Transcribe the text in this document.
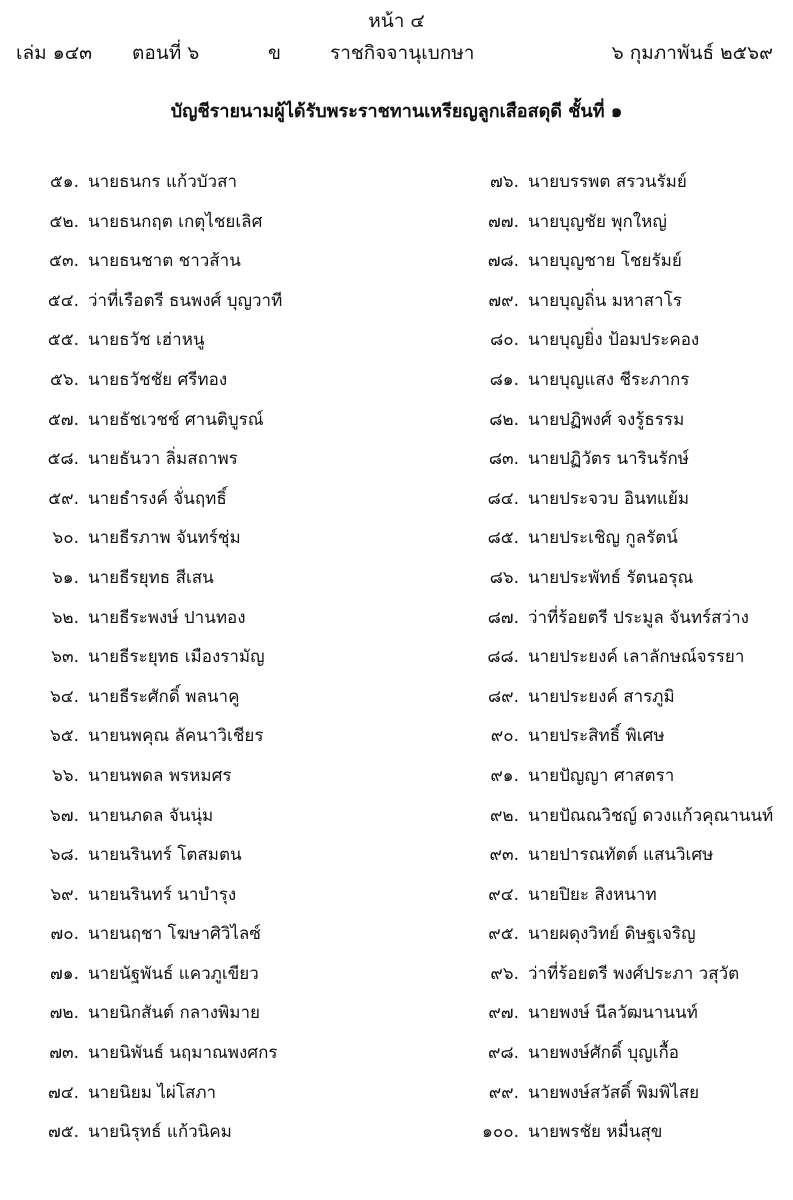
หน้า ๔
เล่ม ๑๔๓ ตอนที่ ๖	ข	ราชกิจจานุเบกษา	๖ กุมภาพันธ์ ๒๕๖๙
บัญชีรายนามผู้ได้รับพระราชทานเหรียญลูกเสือสดุดี ชั้นที่ ๑
๕๑. นายธนกร แก้วบัวสา
๕๒. นายธนกฤต เกตุไชยเลิศ
๕๓. นายธนชาต ชาวส้าน
๕๔. ว่าที่เรือตรี ธนพงศ์ บุญวาที
๕๕. นายธวัช เฮ่าหนู
๕๖. นายธวัชชัย ศรีทอง
๕๗. นายธัชเวชช์ ศานติบูรณ์
๕๘. นายธันวา ลิ่มสถาพร
๕๙. นายธำรงค์ จั่นฤทธิ์
๖๐. นายธีรภาพ จันทร์ชุ่ม
๖๑. นายธีรยุทธ สีเสน
๖๒. นายธีระพงษ์ ปานทอง
๖๓. นายธีระยุทธ เมืองรามัญ
๖๔. นายธีระศักดิ์ พลนาคู
๖๕. นายนพคุณ ลัคนาวิเชียร
๖๖. นายนพดล พรหมศร
๖๗. นายนภดล จันนุ่ม
๖๘. นายนรินทร์ โตสมตน
๖๙. นายนรินทร์ นาบำรุง
๗๐. นายนฤชา โฆษาศิวิไลซ์
๗๑. นายนัฐพันธ์ แควภูเขียว
๗๒. นายนิกสันต์ กลางพิมาย
๗๓. นายนิพันธ์ นฤมาณพงศกร
๗๔. นายนิยม ไผ่โสภา
๗๕. นายนิรุทธ์ แก้วนิคม
๗๖. นายบรรพต สรวนรัมย์
๗๗. นายบุญชัย พุกใหญ่
๗๘. นายบุญชาย โชยรัมย์
๗๙. นายบุญถิ่น มหาสาโร
๘๐. นายบุญยิ่ง ป้อมประคอง
๘๑. นายบุญแสง ชีระภากร
๘๒. นายปฏิพงศ์ จงรู้ธรรม
๘๓. นายปฏิวัตร นารินรักษ์
๘๔. นายประจวบ อินทแย้ม
๘๕. นายประเชิญ กูลรัตน์
๘๖. นายประพัทธ์ รัตนอรุณ
๘๗. ว่าที่ร้อยตรี ประมูล จันทร์สว่าง
๘๘. นายประยงค์ เลาลักษณ์จรรยา
๘๙. นายประยงค์ สารภูมิ
๙๐. นายประสิทธิ์ พิเศษ
๙๑. นายปัญญา ศาสตรา
๙๒. นายปัณณวิชญ์ ดวงแก้วคุณานนท์
๙๓. นายปารณทัตต์ แสนวิเศษ
๙๔. นายปิยะ สิงหนาท
๙๕. นายผดุงวิทย์ ดิษฐเจริญ
๙๖. ว่าที่ร้อยตรี พงศ์ประภา วสุวัต
๙๗. นายพงษ์ นีลวัฒนานนท์
๙๘. นายพงษ์ศักดิ์ บุญเกื้อ
๙๙. นายพงษ์สวัสดิ์ พิมพิไสย
๑๐๐. นายพรชัย หมื่นสุข
